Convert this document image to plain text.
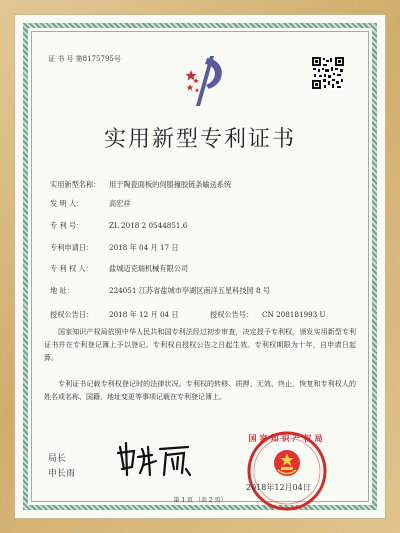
证 书 号 第8175795号
实用新型专利证书
实用新型名称： 用于陶瓷面板的伺服撞胶链条输送系统
发 明 人：	高宏祥
专 利 号：	ZL 2018 2 0544851.6
专利申请日： 2018 年 04 月 17 日
专 利 权 人： 盐城迈克瑞机械有限公司
地 址：	224051 江苏省盐城市亭湖区南洋五星科技园 8 号
授权公告日： 2018 年 12 月 04 日	授权公告号： CN 208181993 U
国家知识产权局依照中华人民共和国专利法经过初步审查，决定授予专利权，颁发实用新型专利证书并在专利登记簿上予以登记。专利权自授权公告之日起生效。专利权期限为十年，自申请日起算。
专利证书记载专利权登记时的法律状况。专利权的转移、质押、无效、终止、恢复和专利权人的姓名或名称、国籍、地址变更等事项记载在专利登记簿上。
局长
申长雨
国家知识产权局
2018年12月04日
第 1 页 （共 2 页）
